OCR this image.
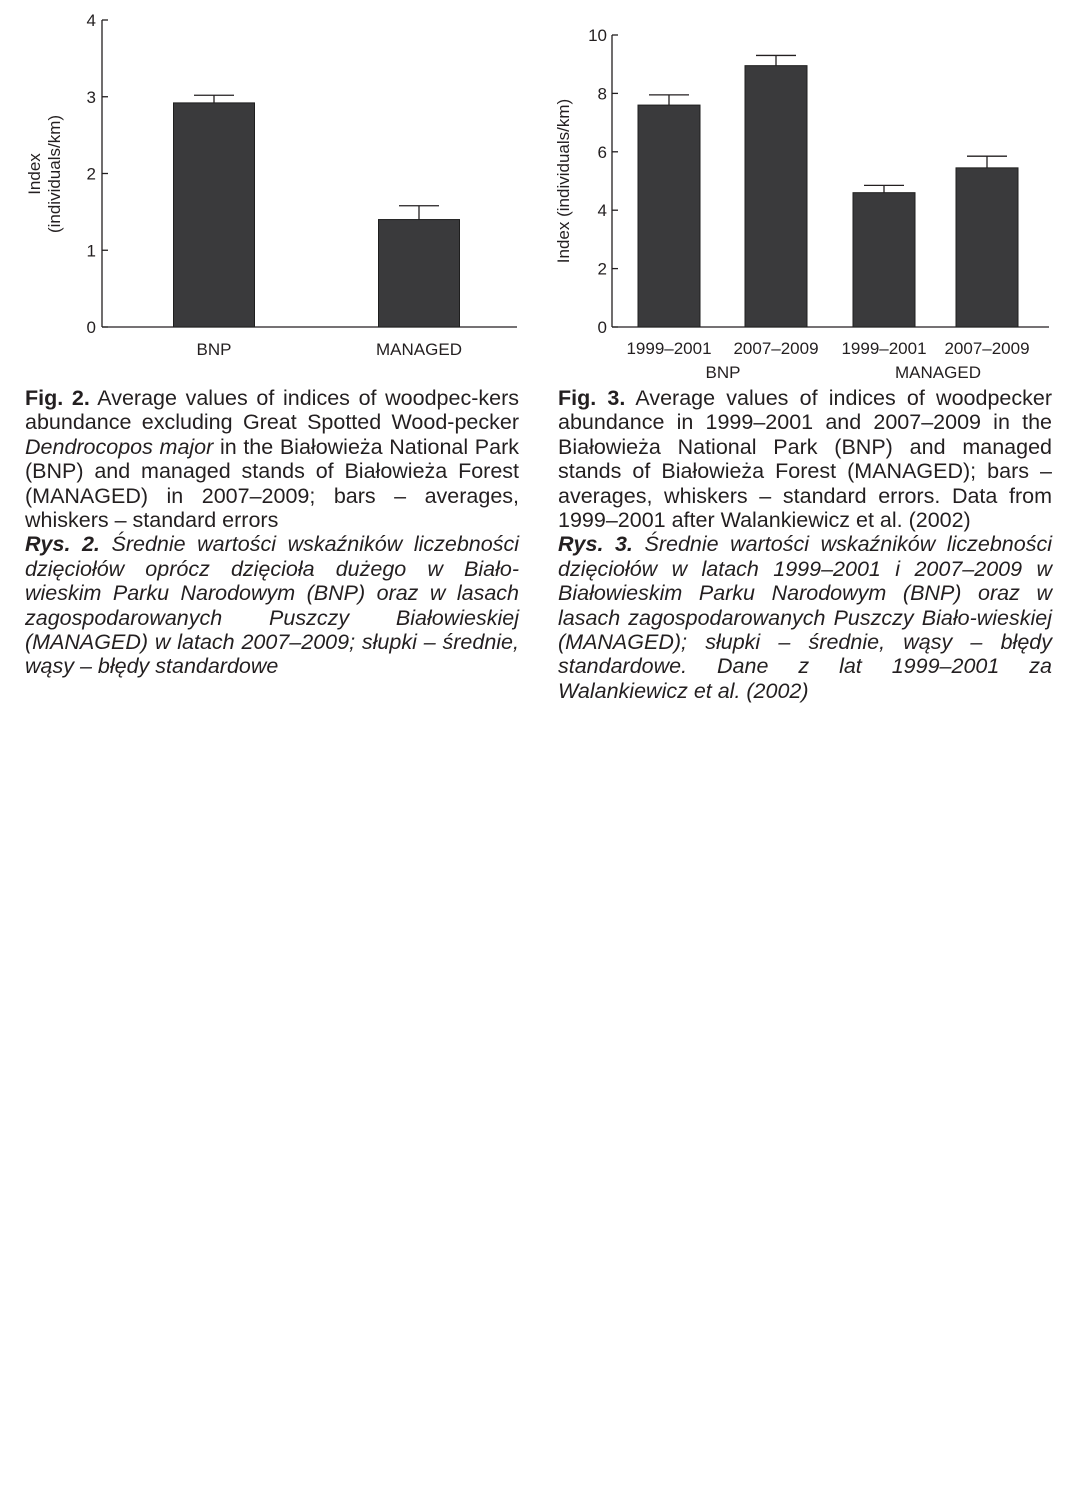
0
1
2
3
4
Index (individuals/km)
BNP	MANAGED
0
2
4
6
8
10
Index (individuals/km)
1999–2001 2007–2009 1999–2001 2007–2009
BNP	MANAGED

Fig. 2. Average values of indices of woodpec-kers abundance excluding Great Spotted Wood-pecker Dendrocopos major in the Białowieża National Park (BNP) and managed stands of Białowieża Forest (MANAGED) in 2007–2009; bars – averages, whiskers – standard errors

Rys. 2. Średnie wartości wskaźników liczebności dzięciołów oprócz dzięcioła dużego w Biało-wieskim Parku Narodowym (BNP) oraz w lasach zagospodarowanych Puszczy Białowieskiej (MANAGED) w latach 2007–2009; słupki – średnie, wąsy – błędy standardowe

Fig. 3. Average values of indices of woodpecker abundance in 1999–2001 and 2007–2009 in the Białowieża National Park (BNP) and managed stands of Białowieża Forest (MANAGED); bars – averages, whiskers – standard errors. Data from 1999–2001 after Walankiewicz et al. (2002)

Rys. 3. Średnie wartości wskaźników liczebności dzięciołów w latach 1999–2001 i 2007–2009 w Białowieskim Parku Narodowym (BNP) oraz w lasach zagospodarowanych Puszczy Biało-wieskiej (MANAGED); słupki – średnie, wąsy – błędy standardowe. Dane z lat 1999–2001 za Walankiewicz et al. (2002)
